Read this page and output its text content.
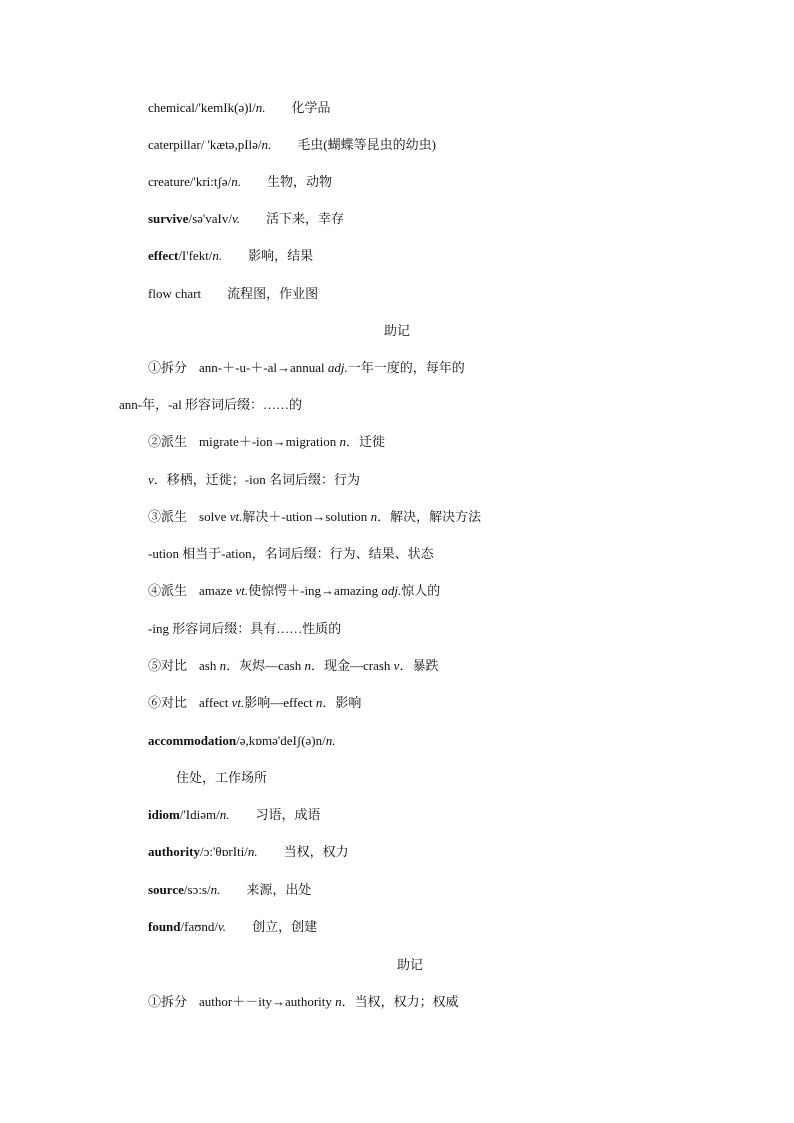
chemical/'kemIk(ə)l/n. 化学品
caterpillar/ 'kætə,pIlə/n. 毛虫(蝴蝶等昆虫的幼虫)
creature/'kri:tʃə/n. 生物，动物
survive/sə'vaIv/v. 活下来，幸存
effect/I'fekt/n. 影响，结果
flow chart 流程图，作业图
助记
①拆分 ann-＋-u-＋-al→annual adj.一年一度的，每年的
ann-年，-al 形容词后缀：……的
②派生 migrate＋-ion→migration n．迁徙
v．移栖，迁徙；-ion 名词后缀：行为
③派生 solve vt.解决＋-ution→solution n．解决，解决方法
-ution 相当于-ation，名词后缀：行为、结果、状态
④派生 amaze vt.使惊愕＋-ing→amazing adj.惊人的
-ing 形容词后缀：具有……性质的
⑤对比 ash n．灰烬—cash n．现金—crash v．暴跌
⑥对比 affect vt.影响—effect n．影响
accommodation/ə,kɒmə'deIʃ(ə)n/n.
住处，工作场所
idiom/'Idiəm/n. 习语，成语
authority/ɔ:'θɒrIti/n. 当权，权力
source/sɔ:s/n. 来源，出处
found/faʊnd/v. 创立，创建
助记
①拆分 author＋－ity→authority n．当权，权力；权威
